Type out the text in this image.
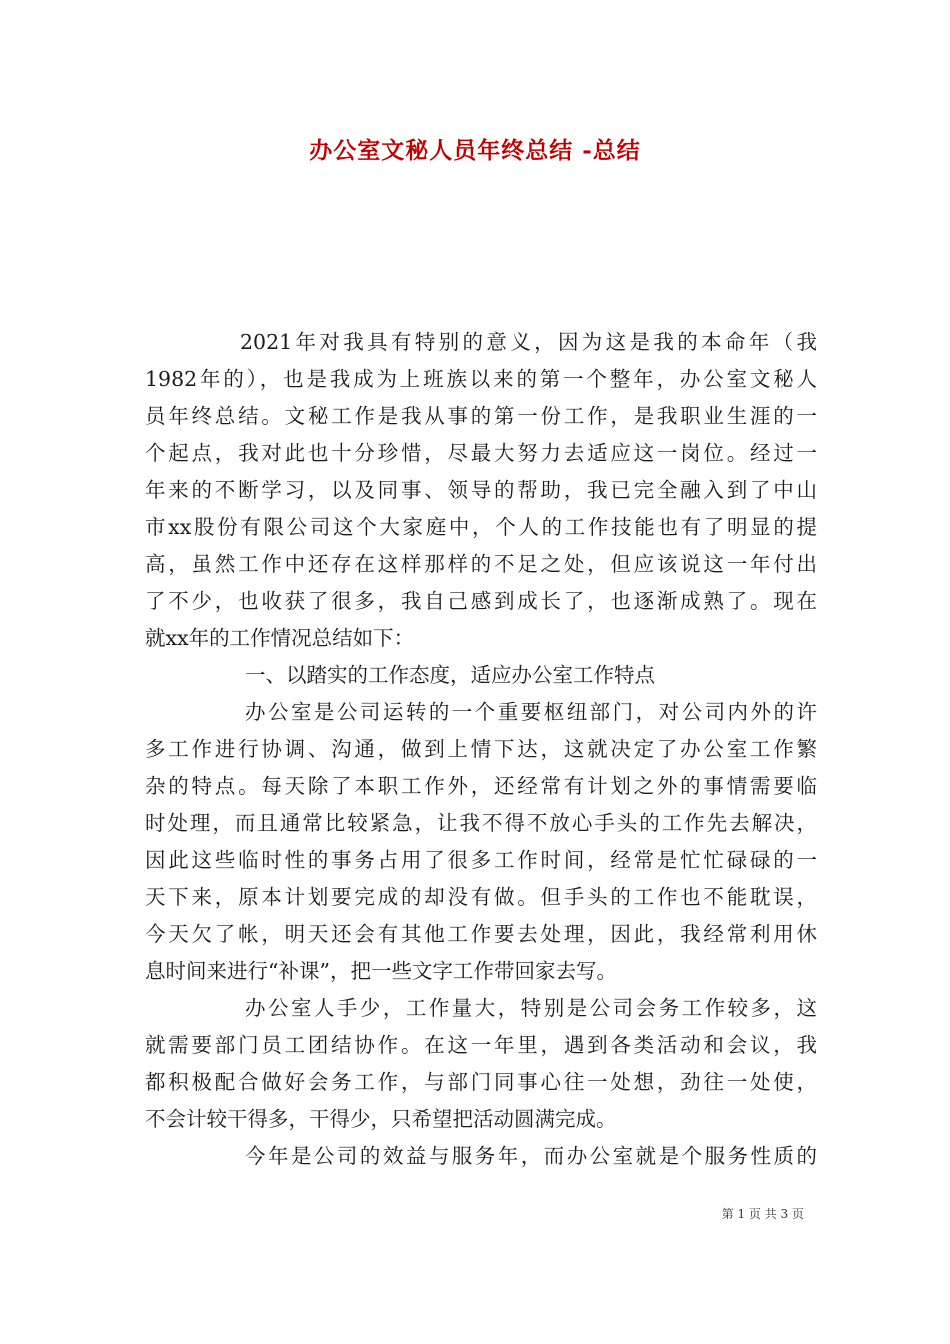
办公室文秘人员年终总结 -总结
2021年对我具有特别的意义，因为这是我的本命年（我
1982年的），也是我成为上班族以来的第一个整年，办公室文秘人
员年终总结。文秘工作是我从事的第一份工作，是我职业生涯的一
个起点，我对此也十分珍惜，尽最大努力去适应这一岗位。经过一
年来的不断学习，以及同事、领导的帮助，我已完全融入到了中山
市xx股份有限公司这个大家庭中，个人的工作技能也有了明显的提
高，虽然工作中还存在这样那样的不足之处，但应该说这一年付出
了不少，也收获了很多，我自己感到成长了，也逐渐成熟了。现在
就xx年的工作情况总结如下：
一、以踏实的工作态度，适应办公室工作特点
办公室是公司运转的一个重要枢纽部门，对公司内外的许
多工作进行协调、沟通，做到上情下达，这就决定了办公室工作繁
杂的特点。每天除了本职工作外，还经常有计划之外的事情需要临
时处理，而且通常比较紧急，让我不得不放心手头的工作先去解决，
因此这些临时性的事务占用了很多工作时间，经常是忙忙碌碌的一
天下来，原本计划要完成的却没有做。但手头的工作也不能耽误，
今天欠了帐，明天还会有其他工作要去处理，因此，我经常利用休
息时间来进行“补课”，把一些文字工作带回家去写。
办公室人手少，工作量大，特别是公司会务工作较多，这
就需要部门员工团结协作。在这一年里，遇到各类活动和会议，我
都积极配合做好会务工作，与部门同事心往一处想，劲往一处使，
不会计较干得多，干得少，只希望把活动圆满完成。
今年是公司的效益与服务年，而办公室就是个服务性质的
第 1 页 共 3 页
